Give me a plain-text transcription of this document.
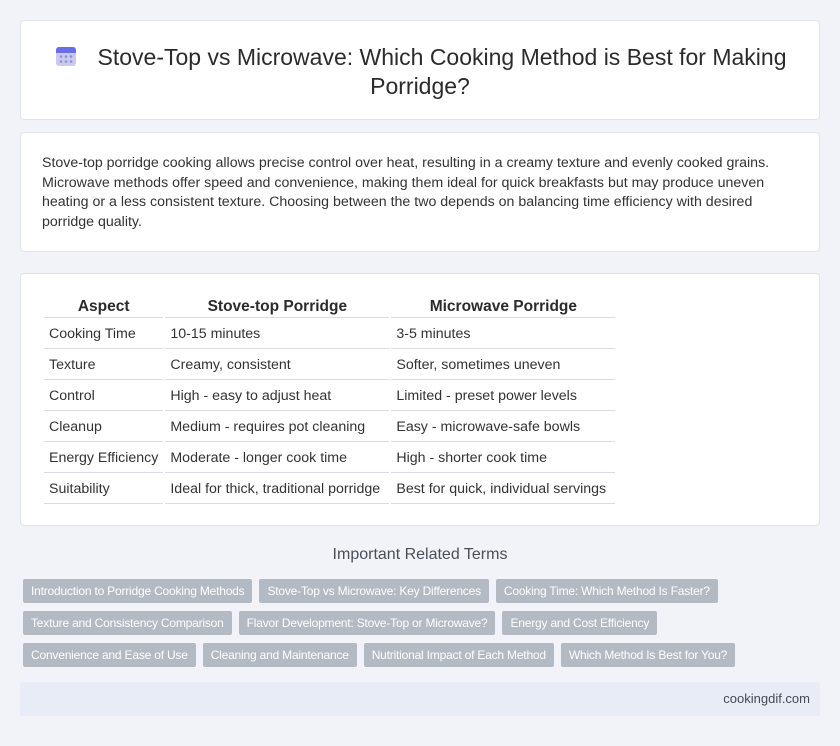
Stove-Top vs Microwave: Which Cooking Method is Best for Making Porridge?

Stove-top porridge cooking allows precise control over heat, resulting in a creamy texture and evenly cooked grains. Microwave methods offer speed and convenience, making them ideal for quick breakfasts but may produce uneven heating or a less consistent texture. Choosing between the two depends on balancing time efficiency with desired porridge quality.

Aspect	Stove-top Porridge	Microwave Porridge
Cooking Time	10-15 minutes	3-5 minutes
Texture	Creamy, consistent	Softer, sometimes uneven
Control	High - easy to adjust heat	Limited - preset power levels
Cleanup	Medium - requires pot cleaning	Easy - microwave-safe bowls
Energy Efficiency	Moderate - longer cook time	High - shorter cook time
Suitability	Ideal for thick, traditional porridge	Best for quick, individual servings
Important Related Terms
Introduction to Porridge Cooking Methods	Stove-Top vs Microwave: Key Differences	Cooking Time: Which Method Is Faster?
Texture and Consistency Comparison	Flavor Development: Stove-Top or Microwave?	Energy and Cost Efficiency
Convenience and Ease of Use	Cleaning and Maintenance	Nutritional Impact of Each Method	Which Method Is Best for You?
cookingdif.com
